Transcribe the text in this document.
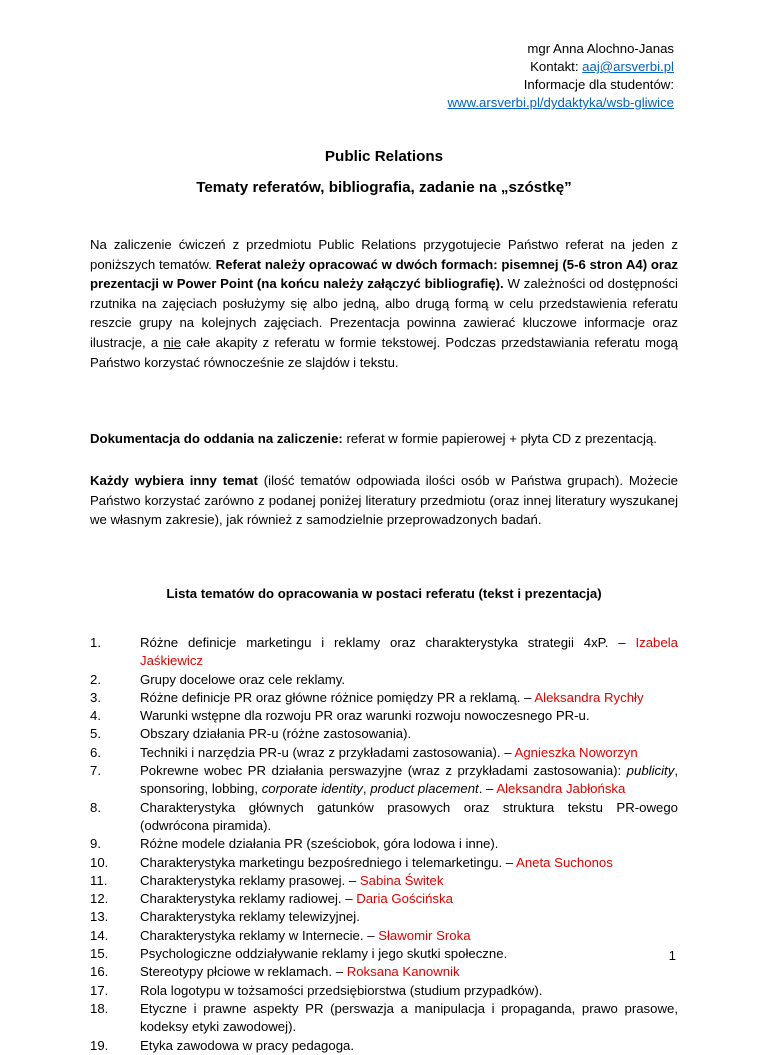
mgr Anna Alochno-Janas
Kontakt: aaj@arsverbi.pl
Informacje dla studentów:
www.arsverbi.pl/dydaktyka/wsb-gliwice
Public Relations
Tematy referatów, bibliografia, zadanie na „szóstkę”

Na zaliczenie ćwiczeń z przedmiotu Public Relations przygotujecie Państwo referat na jeden z poniższych tematów. Referat należy opracować w dwóch formach: pisemnej (5-6 stron A4) oraz prezentacji w Power Point (na końcu należy załączyć bibliografię). W zależności od dostępności rzutnika na zajęciach posłużymy się albo jedną, albo drugą formą w celu przedstawienia referatu reszcie grupy na kolejnych zajęciach. Prezentacja powinna zawierać kluczowe informacje oraz ilustracje, a nie całe akapity z referatu w formie tekstowej. Podczas przedstawiania referatu mogą Państwo korzystać równocześnie ze slajdów i tekstu.

Dokumentacja do oddania na zaliczenie: referat w formie papierowej + płyta CD z prezentacją.

Każdy wybiera inny temat (ilość tematów odpowiada ilości osób w Państwa grupach). Możecie Państwo korzystać zarówno z podanej poniżej literatury przedmiotu (oraz innej literatury wyszukanej we własnym zakresie), jak również z samodzielnie przeprowadzonych badań.

Lista tematów do opracowania w postaci referatu (tekst i prezentacja)
1.	Różne definicje marketingu i reklamy oraz charakterystyka strategii 4xP. – Izabela Jaśkiewicz
2.	Grupy docelowe oraz cele reklamy.
3.	Różne definicje PR oraz główne różnice pomiędzy PR a reklamą. – Aleksandra Rychły
4.	Warunki wstępne dla rozwoju PR oraz warunki rozwoju nowoczesnego PR-u.
5.	Obszary działania PR-u (różne zastosowania).
6.	Techniki i narzędzia PR-u (wraz z przykładami zastosowania). – Agnieszka Noworzyn
7.	Pokrewne wobec PR działania perswazyjne (wraz z przykładami zastosowania): publicity, sponsoring, lobbing, corporate identity, product placement. – Aleksandra Jabłońska
8.	Charakterystyka głównych gatunków prasowych oraz struktura tekstu PR-owego (odwrócona piramida).
9.	Różne modele działania PR (sześciobok, góra lodowa i inne).
10.	Charakterystyka marketingu bezpośredniego i telemarketingu. – Aneta Suchonos
11.	Charakterystyka reklamy prasowej. – Sabina Świtek
12.	Charakterystyka reklamy radiowej. – Daria Gościńska
13.	Charakterystyka reklamy telewizyjnej.
14.	Charakterystyka reklamy w Internecie. – Sławomir Sroka
15.	Psychologiczne oddziaływanie reklamy i jego skutki społeczne.
16.	Stereotypy płciowe w reklamach. – Roksana Kanownik
17.	Rola logotypu w tożsamości przedsiębiorstwa (studium przypadków).
18.	Etyczne i prawne aspekty PR (perswazja a manipulacja i propaganda, prawo prasowe, kodeksy etyki zawodowej).
19.	Etyka zawodowa w pracy pedagoga.
1
